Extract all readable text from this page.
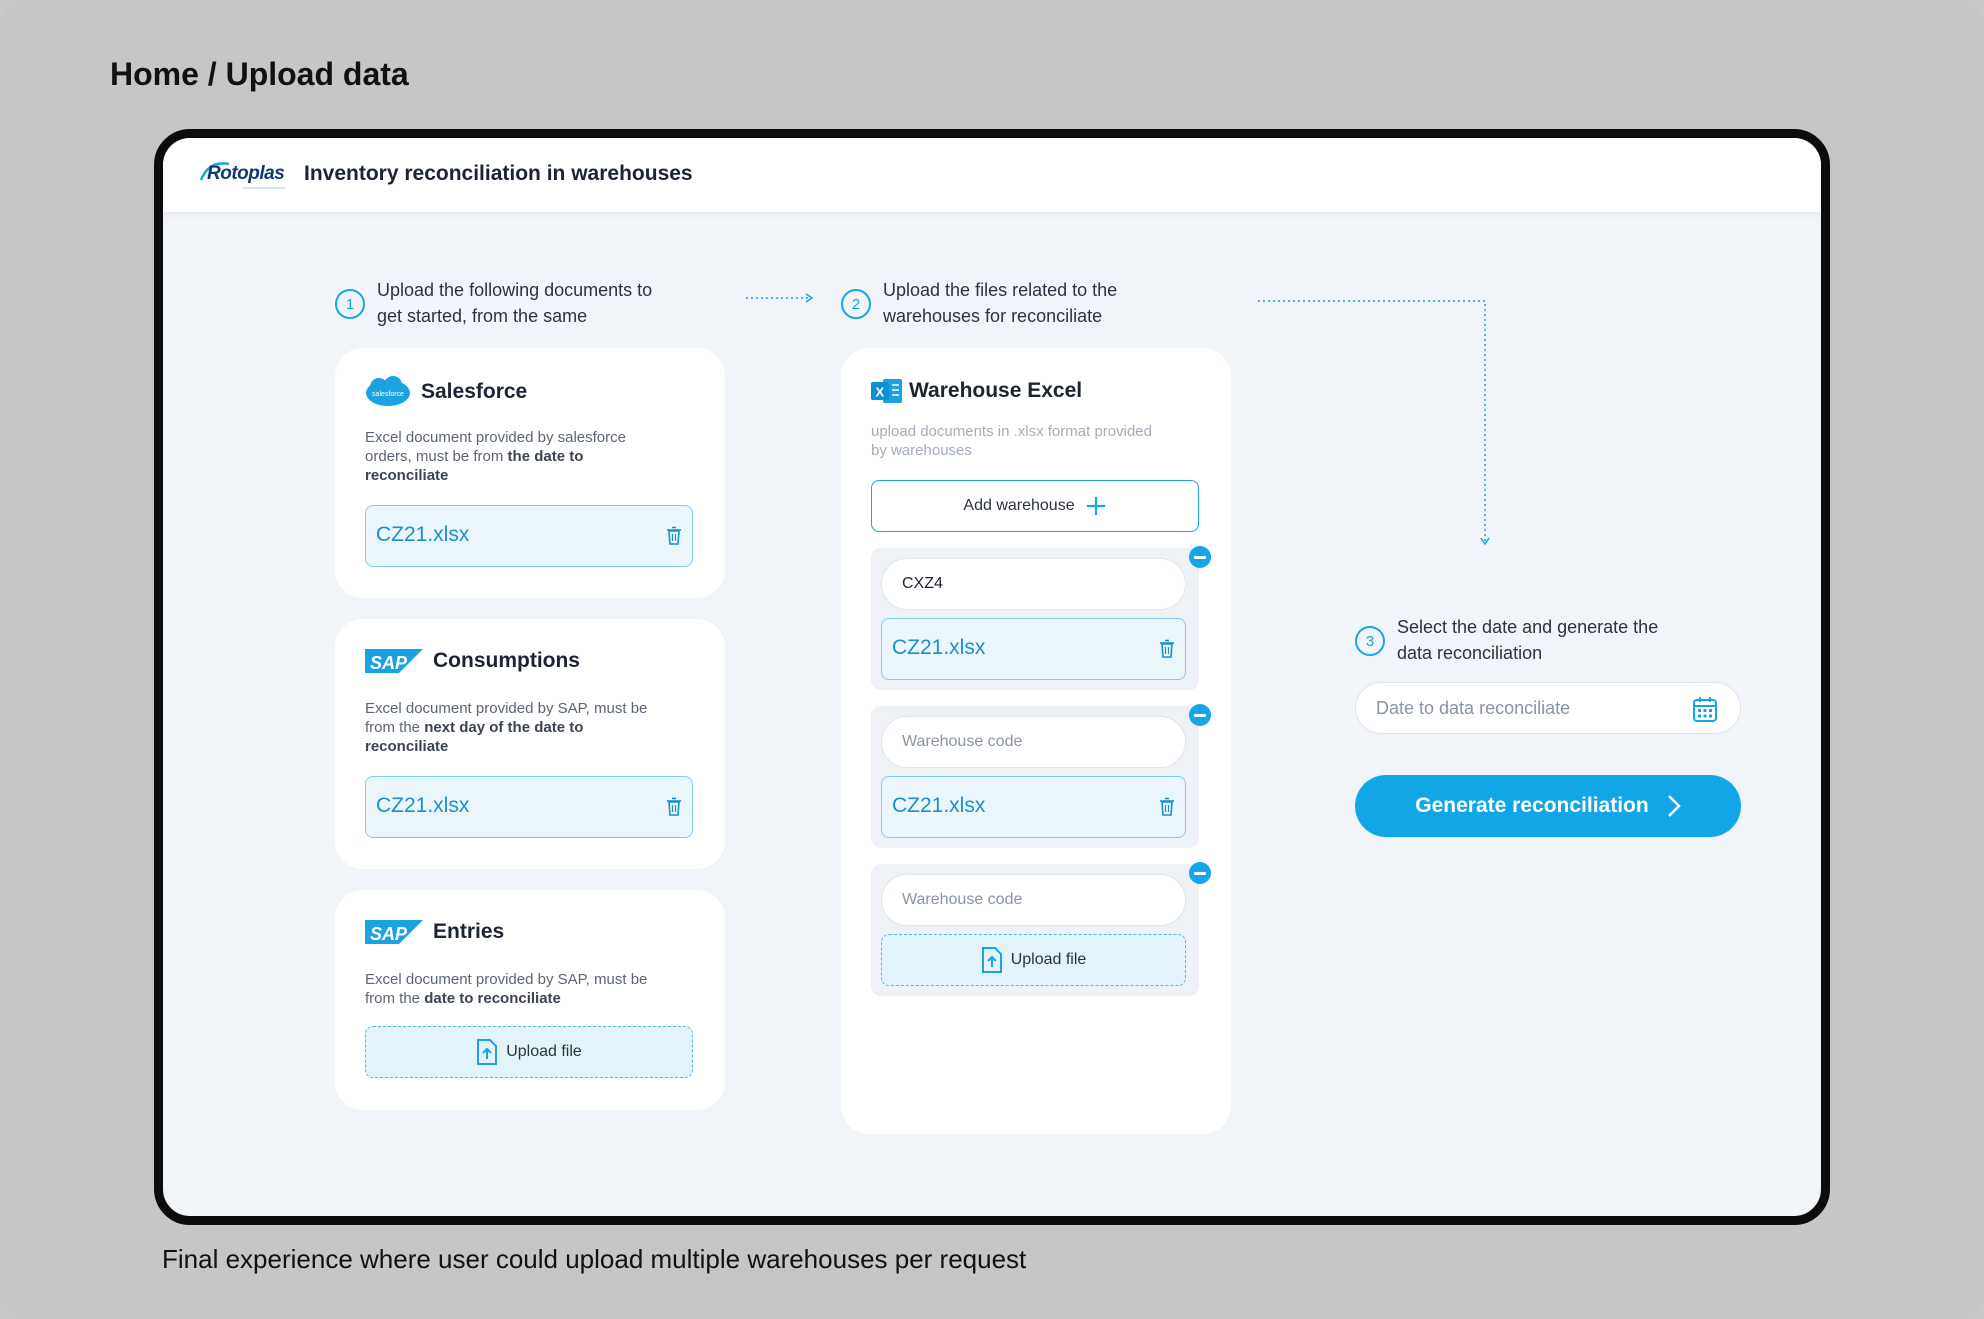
Home / Upload data
Rotoplas Inventory reconciliation in warehouses
1
Upload the following documents to
get started, from the same
2
Upload the files related to the
warehouses for reconciliate
3
Select the date and generate the
data reconciliation
salesforce Salesforce
Excel document provided by salesforce
orders, must be from the date to
reconciliate
CZ21.xlsx
SAP Consumptions
Excel document provided by SAP, must be
from the next day of the date to
reconciliate
CZ21.xlsx
SAP Entries
Excel document provided by SAP, must be
from the date to reconciliate
Upload file
X Warehouse Excel
upload documents in .xlsx format provided
by warehouses
Add warehouse
CXZ4
CZ21.xlsx
Warehouse code
CZ21.xlsx
Warehouse code
Upload file
Date to data reconciliate
Generate reconciliation
Final experience where user could upload multiple warehouses per request
